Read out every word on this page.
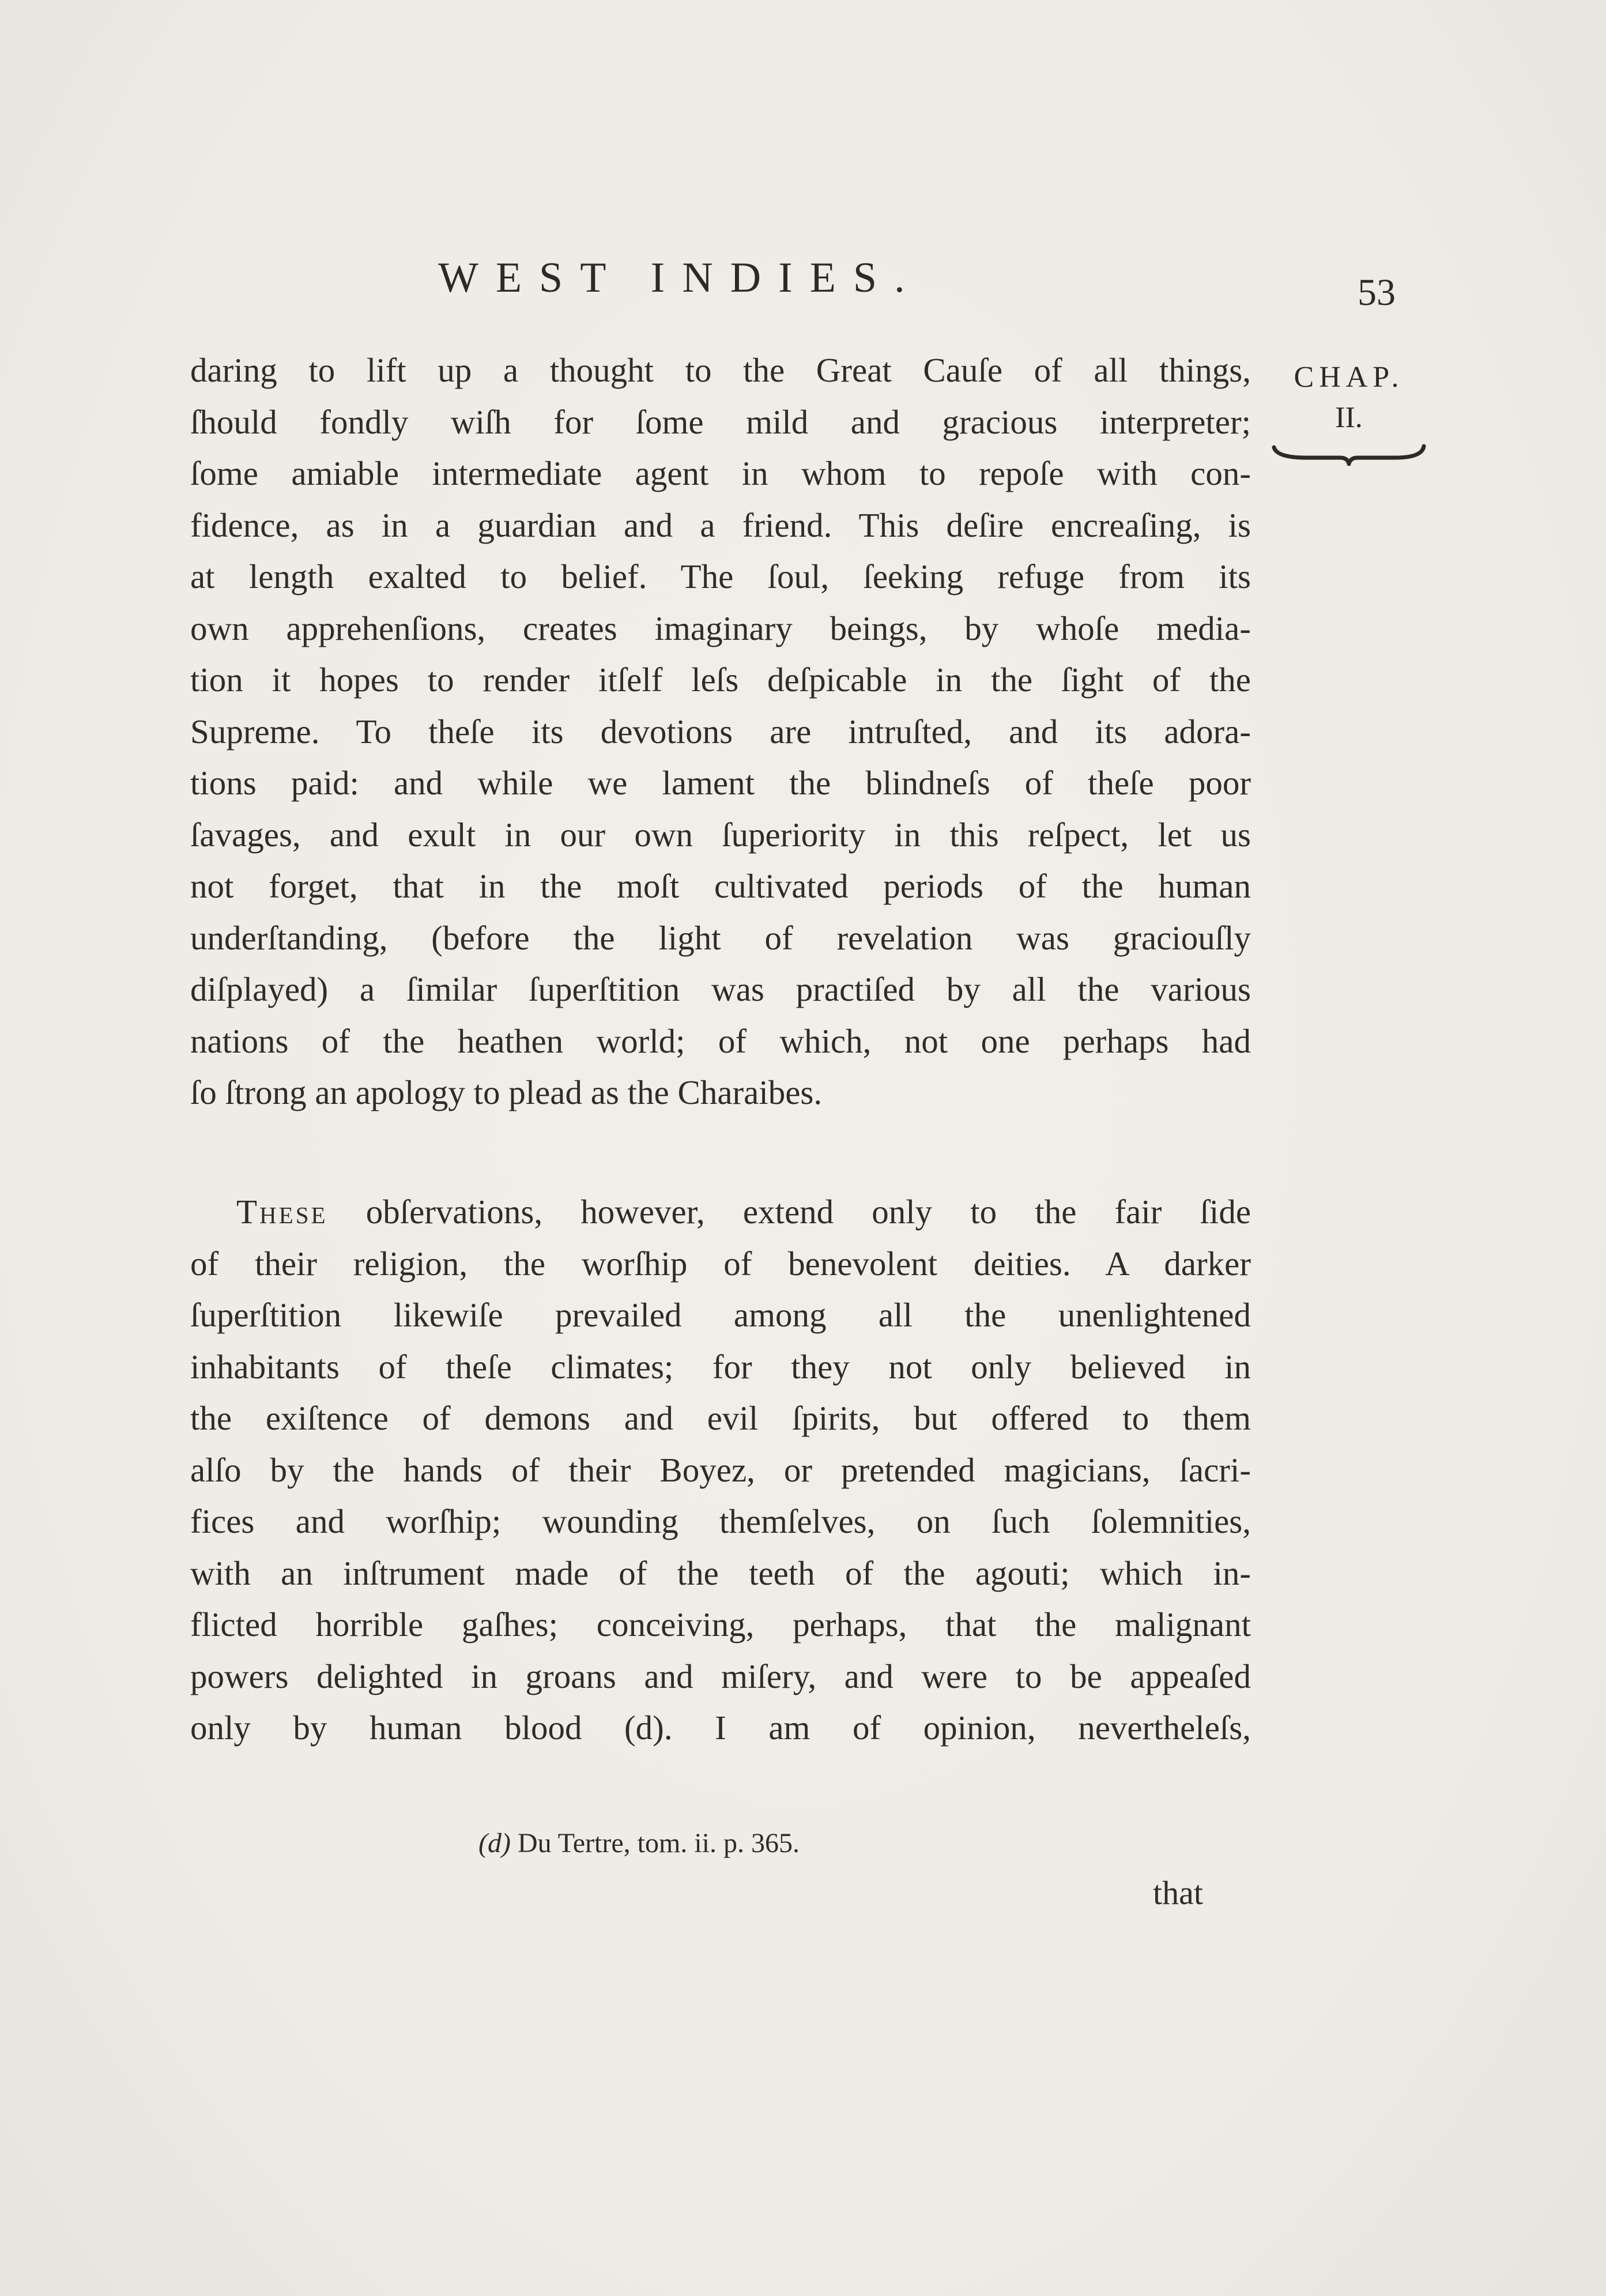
WEST INDIES.	53
CHAP.
II.
daring to lift up a thought to the Great Cauſe of all things,
ſhould fondly wiſh for ſome mild and gracious interpreter;
ſome amiable intermediate agent in whom to repoſe with con-
fidence, as in a guardian and a friend. This deſire encreaſing, is
at length exalted to belief. The ſoul, ſeeking refuge from its
own apprehenſions, creates imaginary beings, by whoſe media-
tion it hopes to render itſelf leſs deſpicable in the ſight of the
Supreme. To theſe its devotions are intruſted, and its adora-
tions paid: and while we lament the blindneſs of theſe poor
ſavages, and exult in our own ſuperiority in this reſpect, let us
not forget, that in the moſt cultivated periods of the human
underſtanding, (before the light of revelation was graciouſly
diſplayed) a ſimilar ſuperſtition was practiſed by all the various
nations of the heathen world; of which, not one perhaps had
ſo ſtrong an apology to plead as the Charaibes.
These obſervations, however, extend only to the fair ſide
of their religion, the worſhip of benevolent deities. A darker
ſuperſtition likewiſe prevailed among all the unenlightened
inhabitants of theſe climates; for they not only believed in
the exiſtence of demons and evil ſpirits, but offered to them
alſo by the hands of their Boyez, or pretended magicians, ſacri-
fices and worſhip; wounding themſelves, on ſuch ſolemnities,
with an inſtrument made of the teeth of the agouti; which in-
flicted horrible gaſhes; conceiving, perhaps, that the malignant
powers delighted in groans and miſery, and were to be appeaſed
only by human blood (d). I am of opinion, nevertheleſs,
(d) Du Tertre, tom. ii. p. 365.
that
